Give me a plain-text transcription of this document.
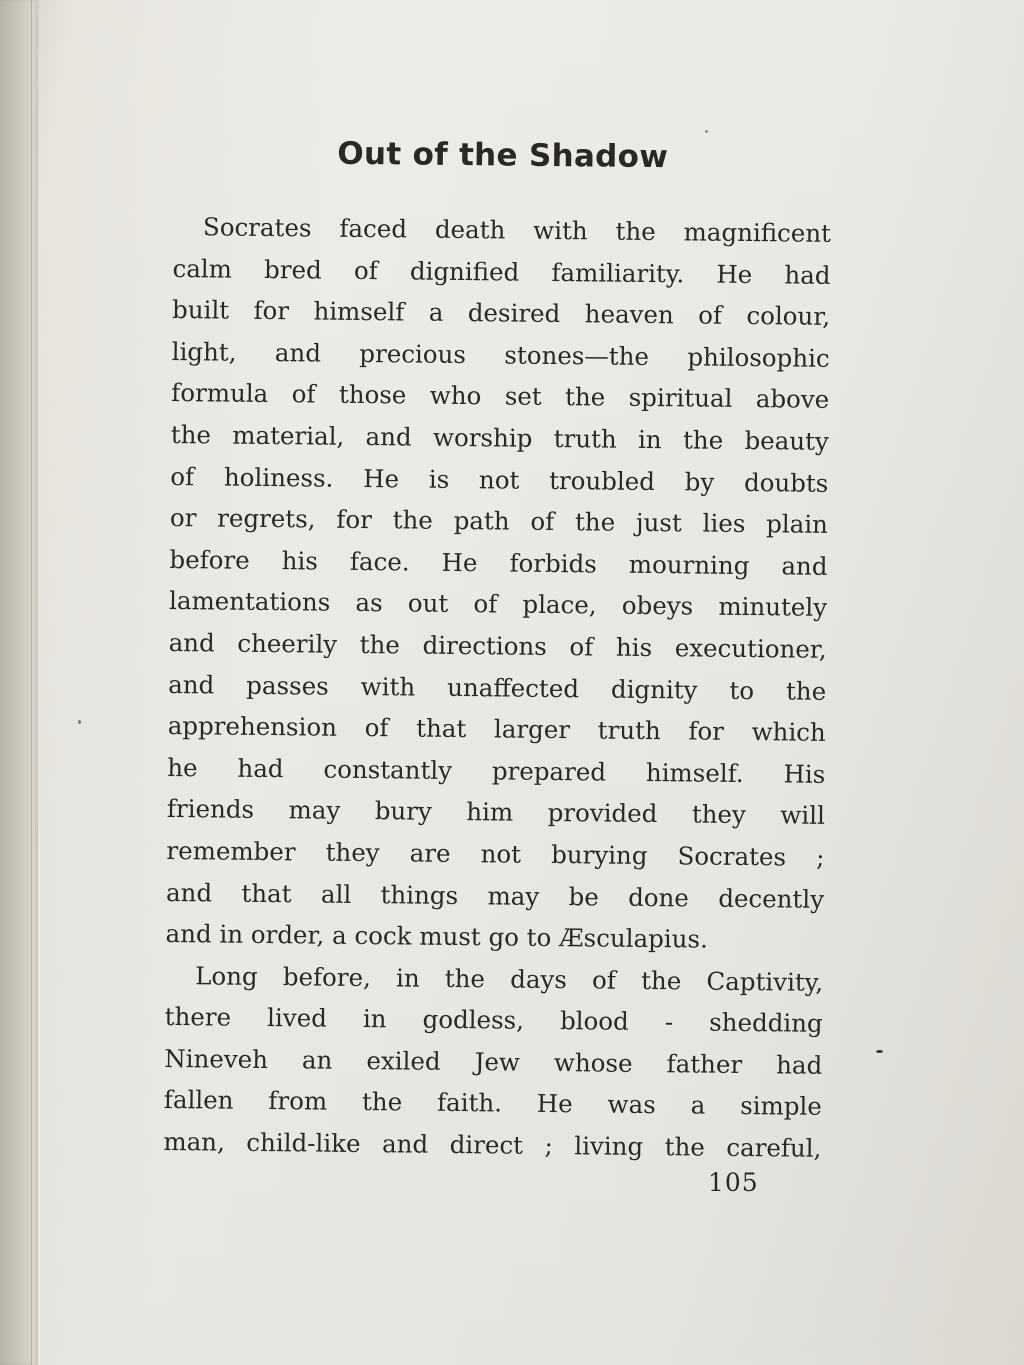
Out of the Shadow
Socrates faced death with the magnificent
calm bred of dignified familiarity. He had
built for himself a desired heaven of colour,
light, and precious stones—the philosophic
formula of those who set the spiritual above
the material, and worship truth in the beauty
of holiness. He is not troubled by doubts
or regrets, for the path of the just lies plain
before his face. He forbids mourning and
lamentations as out of place, obeys minutely
and cheerily the directions of his executioner,
and passes with unaffected dignity to the
apprehension of that larger truth for which
he had constantly prepared himself. His
friends may bury him provided they will
remember they are not burying Socrates ;
and that all things may be done decently
and in order, a cock must go to Æsculapius.
Long before, in the days of the Captivity,
there lived in godless, blood - shedding
Nineveh an exiled Jew whose father had
fallen from the faith. He was a simple
man, child-like and direct ; living the careful,
105
